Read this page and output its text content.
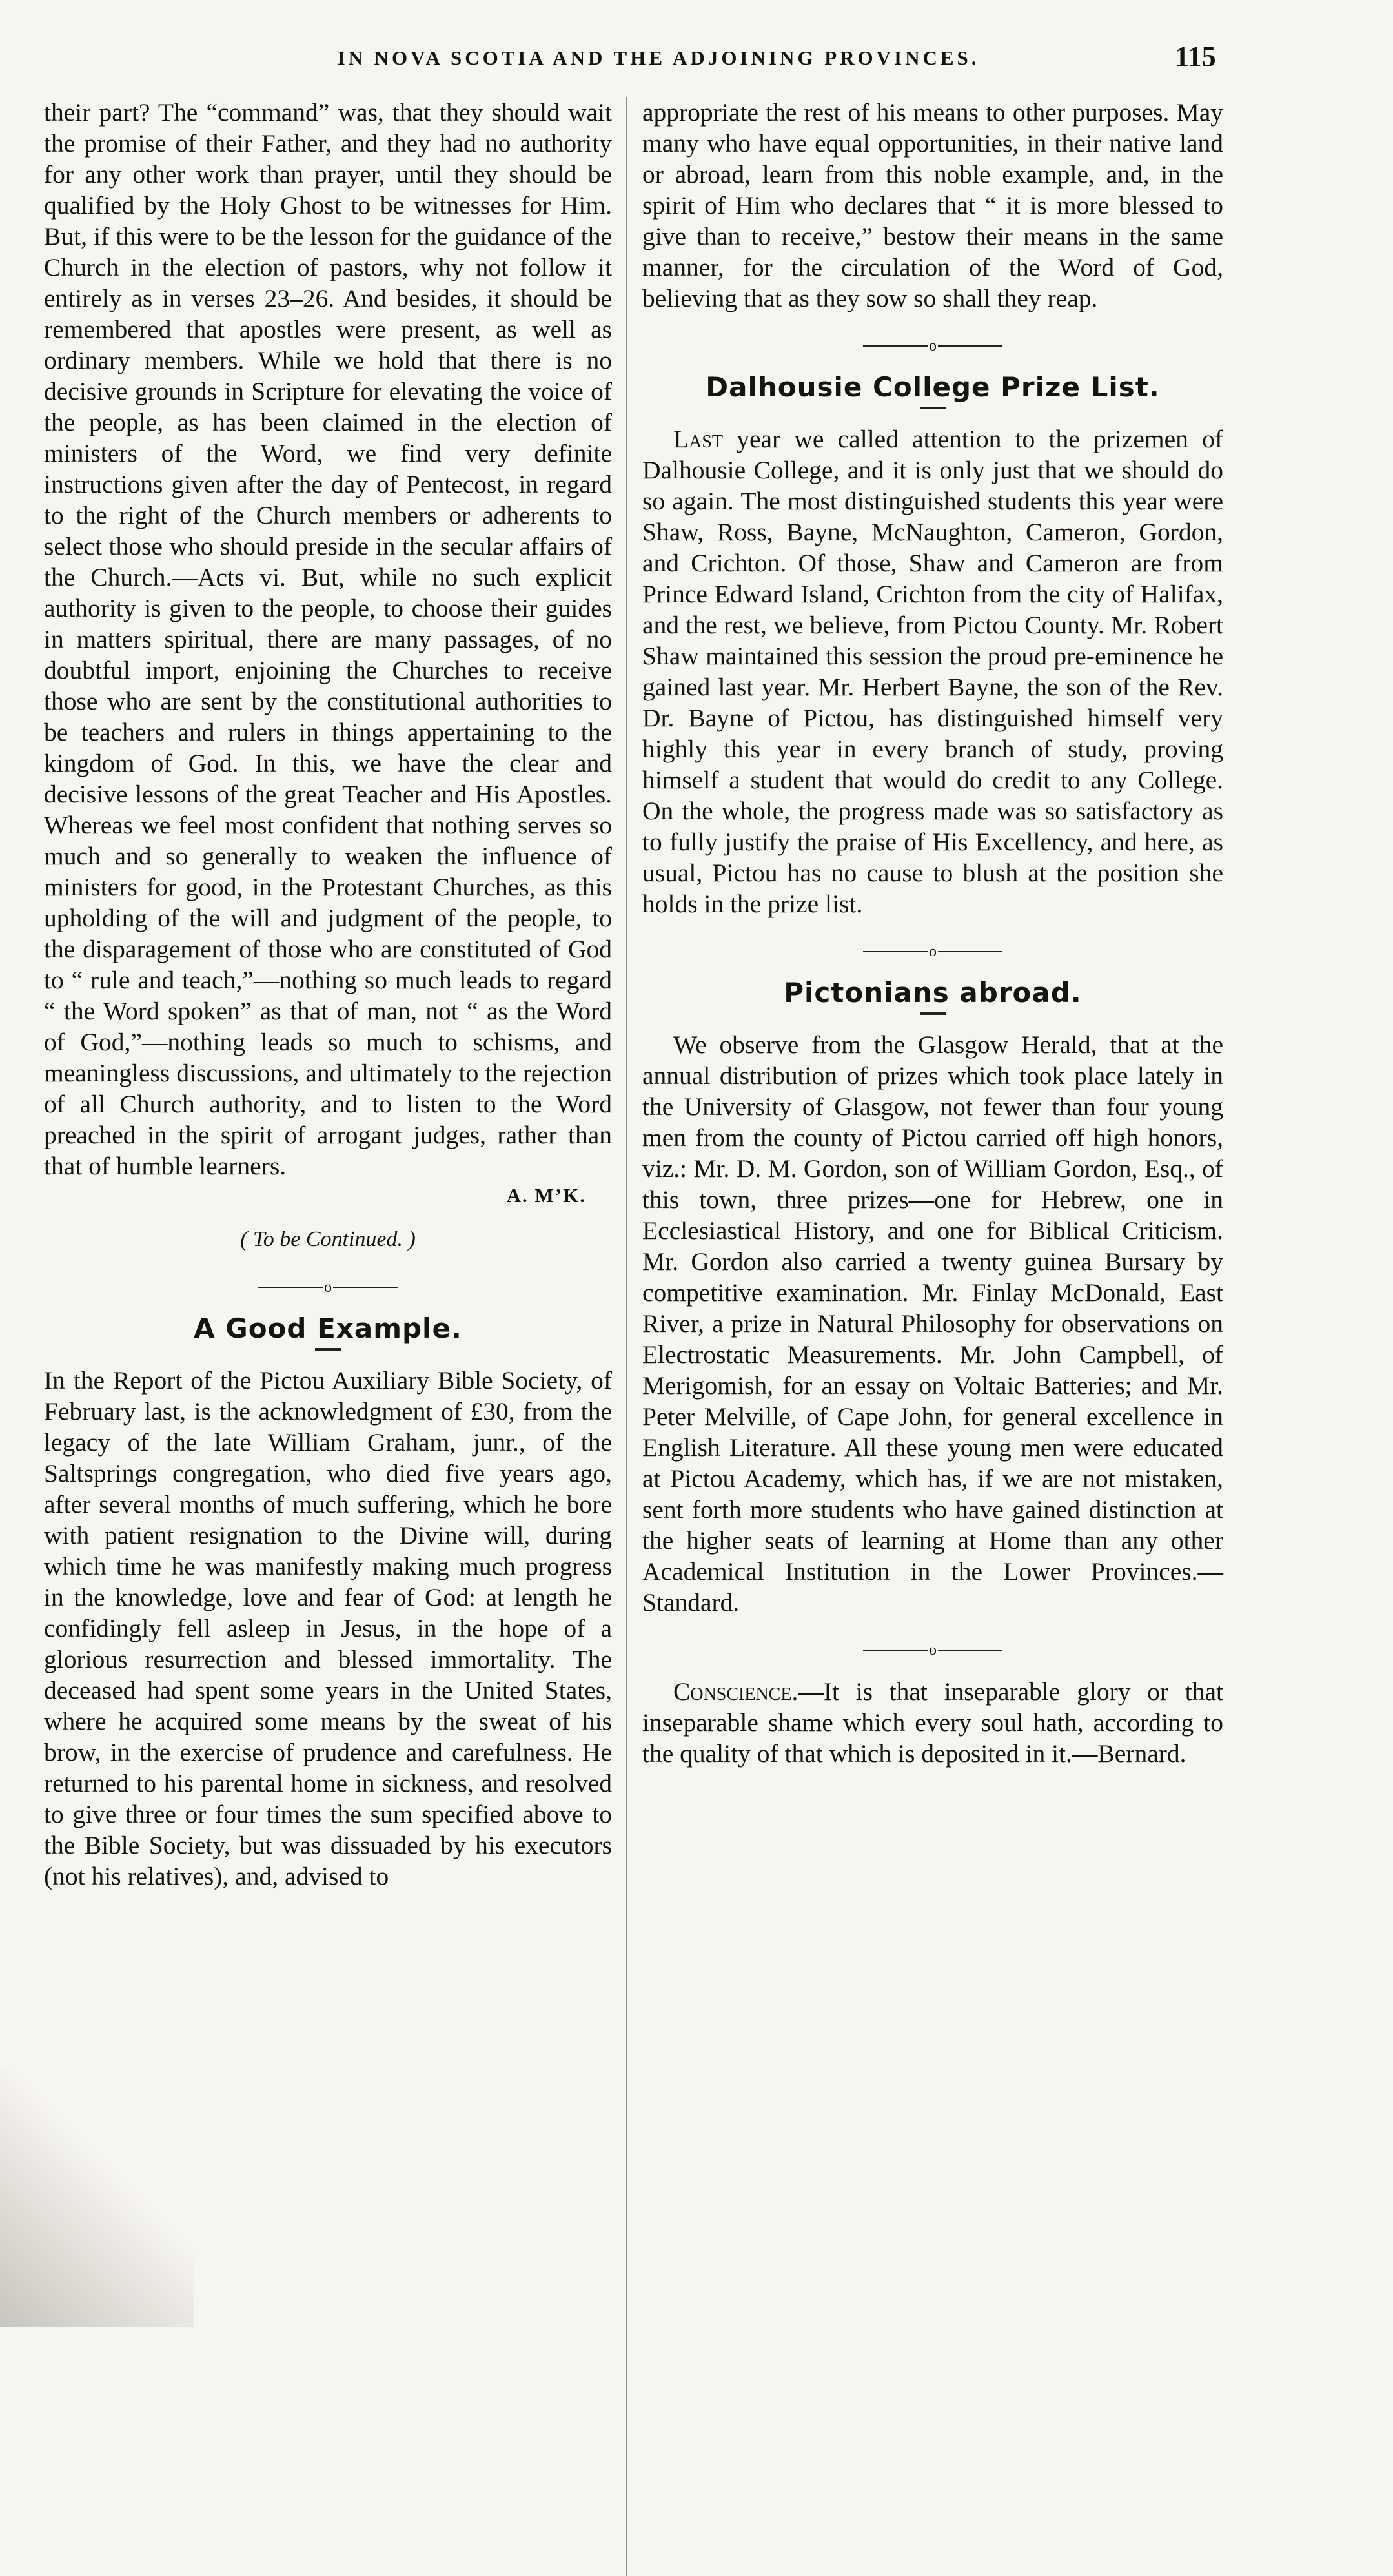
IN NOVA SCOTIA AND THE ADJOINING PROVINCES.	115

their part? The “command” was, that they should wait the promise of their Father, and they had no authority for any other work than prayer, until they should be qualified by the Holy Ghost to be witnesses for Him. But, if this were to be the lesson for the guidance of the Church in the election of pastors, why not follow it entirely as in verses 23–26. And besides, it should be remembered that apostles were present, as well as ordinary members. While we hold that there is no decisive grounds in Scripture for elevating the voice of the people, as has been claimed in the election of ministers of the Word, we find very definite instructions given after the day of Pentecost, in regard to the right of the Church members or adherents to select those who should preside in the secular affairs of the Church.—Acts vi. But, while no such explicit authority is given to the people, to choose their guides in matters spiritual, there are many passages, of no doubtful import, enjoining the Churches to receive those who are sent by the constitutional authorities to be teachers and rulers in things appertaining to the kingdom of God. In this, we have the clear and decisive lessons of the great Teacher and His Apostles. Whereas we feel most confident that nothing serves so much and so generally to weaken the influence of ministers for good, in the Protestant Churches, as this upholding of the will and judgment of the people, to the disparagement of those who are constituted of God to “ rule and teach,”—nothing so much leads to regard “ the Word spoken” as that of man, not “ as the Word of God,”—nothing leads so much to schisms, and meaningless discussions, and ultimately to the rejection of all Church authority, and to listen to the Word preached in the spirit of arrogant judges, rather than that of humble learners.

A. M’K.
( To be Continued. )
o
A Good Example.

In the Report of the Pictou Auxiliary Bible Society, of February last, is the acknowledgment of £30, from the legacy of the late William Graham, junr., of the Saltsprings congregation, who died five years ago, after several months of much suffering, which he bore with patient resignation to the Divine will, during which time he was manifestly making much progress in the knowledge, love and fear of God: at length he confidingly fell asleep in Jesus, in the hope of a glorious resurrection and blessed immortality. The deceased had spent some years in the United States, where he acquired some means by the sweat of his brow, in the exercise of prudence and carefulness. He returned to his parental home in sickness, and resolved to give three or four times the sum specified above to the Bible Society, but was dissuaded by his executors (not his relatives), and, advised to

appropriate the rest of his means to other purposes. May many who have equal opportunities, in their native land or abroad, learn from this noble example, and, in the spirit of Him who declares that “ it is more blessed to give than to receive,” bestow their means in the same manner, for the circulation of the Word of God, believing that as they sow so shall they reap.

o
Dalhousie College Prize List.

Last year we called attention to the prizemen of Dalhousie College, and it is only just that we should do so again. The most distinguished students this year were Shaw, Ross, Bayne, McNaughton, Cameron, Gordon, and Crichton. Of those, Shaw and Cameron are from Prince Edward Island, Crichton from the city of Halifax, and the rest, we believe, from Pictou County. Mr. Robert Shaw maintained this session the proud pre-eminence he gained last year. Mr. Herbert Bayne, the son of the Rev. Dr. Bayne of Pictou, has distinguished himself very highly this year in every branch of study, proving himself a student that would do credit to any College. On the whole, the progress made was so satisfactory as to fully justify the praise of His Excellency, and here, as usual, Pictou has no cause to blush at the position she holds in the prize list.

o
Pictonians abroad.

We observe from the Glasgow Herald, that at the annual distribution of prizes which took place lately in the University of Glasgow, not fewer than four young men from the county of Pictou carried off high honors, viz.: Mr. D. M. Gordon, son of William Gordon, Esq., of this town, three prizes—one for Hebrew, one in Ecclesiastical History, and one for Biblical Criticism. Mr. Gordon also carried a twenty guinea Bursary by competitive examination. Mr. Finlay McDonald, East River, a prize in Natural Philosophy for observations on Electrostatic Measurements. Mr. John Campbell, of Merigomish, for an essay on Voltaic Batteries; and Mr. Peter Melville, of Cape John, for general excellence in English Literature. All these young men were educated at Pictou Academy, which has, if we are not mistaken, sent forth more students who have gained distinction at the higher seats of learning at Home than any other Academical Institution in the Lower Provinces.—Standard.

o

Conscience.—It is that inseparable glory or that inseparable shame which every soul hath, according to the quality of that which is deposited in it.—Bernard.
